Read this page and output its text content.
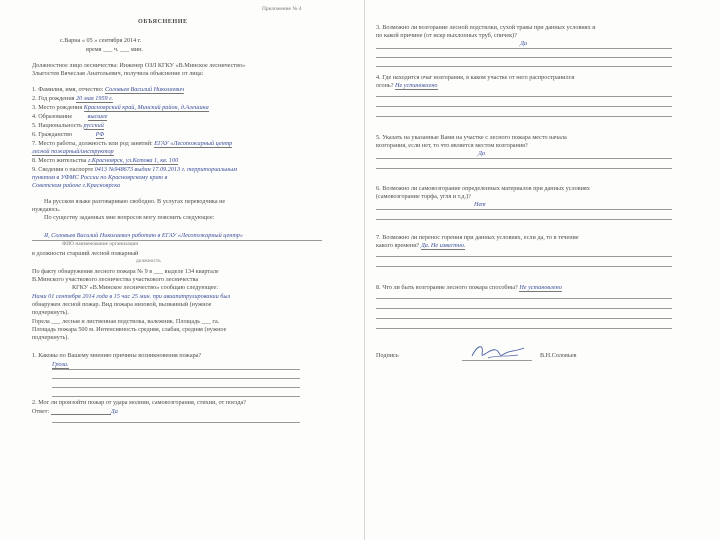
Приложение № 4
ОБЪЯСНЕНИЕ
с.Варна « 05 » сентября 2014 г.
время ___ ч. ___ мин.
Должностное лицо лесничества: Инженер ОЗЛ КГКУ «В.Минское лесничество»
Злыгостев Вячеслав Анатольевич, получила объяснение от лица:
1. Фамилия, имя, отчество: Соловьев Василий Николаевич
2. Год рождения 20 мая 1959 г.
3. Место рождения Красноярский край, Минский район, д.Алешина
4. Образование	высшее
5. Национальность русский
6. Гражданство	РФ
7. Место работы, должность или род занятий: ЕГАУ «Лесопожарный центр
лесной пожарный/инструктор
8. Место жительства г.Красноярск, ул.Кетова 1, кв. 100
9. Сведения о паспорте 0413 №948673 выдан 17.09.2013 г. территориальным
пунктом в УФМС России по Красноярскому краю в
Советском районе г.Красноярска
На русском языке разговариваю свободно. В услугах переводчика не
нуждаюсь.
По существу заданных мне вопросов могу пояснить следующее:
Я, Соловьев Василий Николаевич работаю в ЕГАУ «Лесопожарный центр»
ФИО наименование организации
в должности старший лесной пожарный
должность
По факту обнаружения лесного пожара № 9 в ___ выделе 134 квартале
В.Минского участкового лесничества участкового лесничества
КГКУ «В.Минское лесничество» сообщаю следующее:
Нами 01 сентября 2014 года в 15 час 25 мин. при авиапатрулировании был
обнаружен лесной пожар. Вид пожара низовой, вызванный (нужное
подчеркнуть).
Горела ___ лесная и лиственная подстилка, валежник. Площадь ___ га.
Площадь пожара 500 м. Интенсивность средняя, слабая, средняя (нужное
подчеркнуть).
1. Каковы по Вашему мнению причины возникновения пожара?
Гроза.
2. Мог ли произойти пожар от удара молнии, самовозгорания, стихии, от поезда?
Ответ:	Да
3. Возможно ли возгорание лесной подстилки, сухой травы при данных условиях и
по какой причине (от искр выхлопных труб, спичек)?
Да
4. Где находится очаг возгорания, в каком участке от него распространился
огонь? Не установлено
5. Указать на указанные Вами на участке с лесного пожара место начала
возгорания, если нет, то что является местом возгорания?
Да
6. Возможно ли самовозгорание определенных материалов при данных условиях
(самовозгорание торфа, угля и т.д.)?
Нет
7. Возможно ли перенос горения при данных условиях, если да, то в течение
какого времени? Да. Не известно.
8. Что ли быть возгорание лесного пожара способны? Не установлено
Подпись	В.Н.Соловьев
